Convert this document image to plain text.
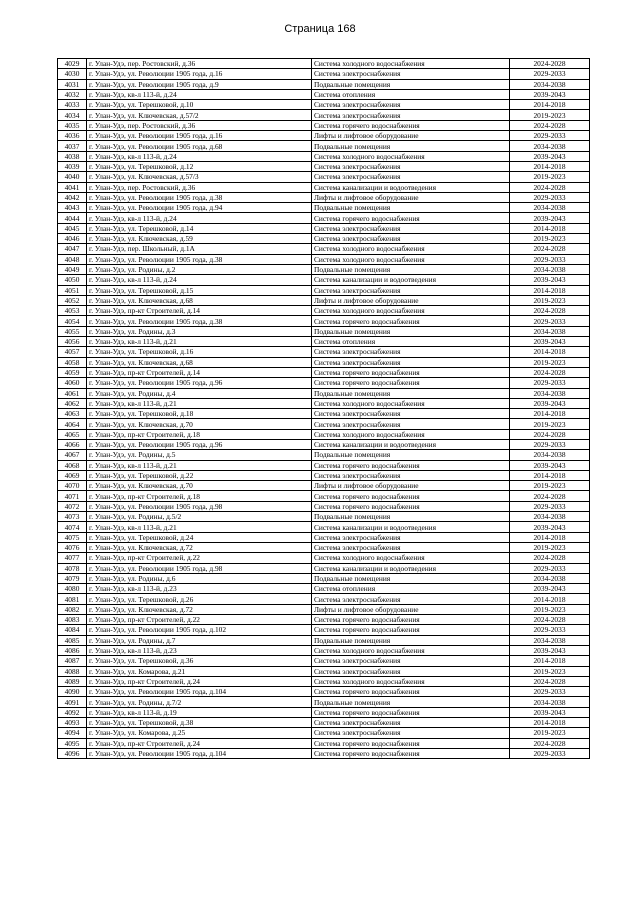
Страница 168
4029	г. Улан-Удэ, пер. Ростовский, д.36	Система холодного водоснабжения	2024-2028
4030	г. Улан-Удэ, ул. Революции 1905 года, д.16	Система электроснабжения	2029-2033
4031	г. Улан-Удэ, ул. Революции 1905 года, д.9	Подвальные помещения	2034-2038
4032	г. Улан-Удэ, кв-л 113-й, д.24	Система отопления	2039-2043
4033	г. Улан-Удэ, ул. Терешковой, д.10	Система электроснабжения	2014-2018
4034	г. Улан-Удэ, ул. Ключевская, д.57/2	Система электроснабжения	2019-2023
4035	г. Улан-Удэ, пер. Ростовский, д.36	Система горячего водоснабжения	2024-2028
4036	г. Улан-Удэ, ул. Революции 1905 года, д.16	Лифты и лифтовое оборудование	2029-2033
4037	г. Улан-Удэ, ул. Революции 1905 года, д.68	Подвальные помещения	2034-2038
4038	г. Улан-Удэ, кв-л 113-й, д.24	Система холодного водоснабжения	2039-2043
4039	г. Улан-Удэ, ул. Терешковой, д.12	Система электроснабжения	2014-2018
4040	г. Улан-Удэ, ул. Ключевская, д.57/3	Система электроснабжения	2019-2023
4041	г. Улан-Удэ, пер. Ростовский, д.36	Система канализации и водоотведения	2024-2028
4042	г. Улан-Удэ, ул. Революции 1905 года, д.38	Лифты и лифтовое оборудование	2029-2033
4043	г. Улан-Удэ, ул. Революции 1905 года, д.94	Подвальные помещения	2034-2038
4044	г. Улан-Удэ, кв-л 113-й, д.24	Система горячего водоснабжения	2039-2043
4045	г. Улан-Удэ, ул. Терешковой, д.14	Система электроснабжения	2014-2018
4046	г. Улан-Удэ, ул. Ключевская, д.59	Система электроснабжения	2019-2023
4047	г. Улан-Удэ, пер. Школьный, д.1А	Система холодного водоснабжения	2024-2028
4048	г. Улан-Удэ, ул. Революции 1905 года, д.38	Система холодного водоснабжения	2029-2033
4049	г. Улан-Удэ, ул. Родины, д.2	Подвальные помещения	2034-2038
4050	г. Улан-Удэ, кв-л 113-й, д.24	Система канализации и водоотведения	2039-2043
4051	г. Улан-Удэ, ул. Терешковой, д.15	Система электроснабжения	2014-2018
4052	г. Улан-Удэ, ул. Ключевская, д.68	Лифты и лифтовое оборудование	2019-2023
4053	г. Улан-Удэ, пр-кт Строителей, д.14	Система холодного водоснабжения	2024-2028
4054	г. Улан-Удэ, ул. Революции 1905 года, д.38	Система горячего водоснабжения	2029-2033
4055	г. Улан-Удэ, ул. Родины, д.3	Подвальные помещения	2034-2038
4056	г. Улан-Удэ, кв-л 113-й, д.21	Система отопления	2039-2043
4057	г. Улан-Удэ, ул. Терешковой, д.16	Система электроснабжения	2014-2018
4058	г. Улан-Удэ, ул. Ключевская, д.68	Система электроснабжения	2019-2023
4059	г. Улан-Удэ, пр-кт Строителей, д.14	Система горячего водоснабжения	2024-2028
4060	г. Улан-Удэ, ул. Революции 1905 года, д.96	Система горячего водоснабжения	2029-2033
4061	г. Улан-Удэ, ул. Родины, д.4	Подвальные помещения	2034-2038
4062	г. Улан-Удэ, кв-л 113-й, д.21	Система холодного водоснабжения	2039-2043
4063	г. Улан-Удэ, ул. Терешковой, д.18	Система электроснабжения	2014-2018
4064	г. Улан-Удэ, ул. Ключевская, д.70	Система электроснабжения	2019-2023
4065	г. Улан-Удэ, пр-кт Строителей, д.18	Система холодного водоснабжения	2024-2028
4066	г. Улан-Удэ, ул. Революции 1905 года, д.96	Система канализации и водоотведения	2029-2033
4067	г. Улан-Удэ, ул. Родины, д.5	Подвальные помещения	2034-2038
4068	г. Улан-Удэ, кв-л 113-й, д.21	Система горячего водоснабжения	2039-2043
4069	г. Улан-Удэ, ул. Терешковой, д.22	Система электроснабжения	2014-2018
4070	г. Улан-Удэ, ул. Ключевская, д.70	Лифты и лифтовое оборудование	2019-2023
4071	г. Улан-Удэ, пр-кт Строителей, д.18	Система горячего водоснабжения	2024-2028
4072	г. Улан-Удэ, ул. Революции 1905 года, д.98	Система горячего водоснабжения	2029-2033
4073	г. Улан-Удэ, ул. Родины, д.5/2	Подвальные помещения	2034-2038
4074	г. Улан-Удэ, кв-л 113-й, д.21	Система канализации и водоотведения	2039-2043
4075	г. Улан-Удэ, ул. Терешковой, д.24	Система электроснабжения	2014-2018
4076	г. Улан-Удэ, ул. Ключевская, д.72	Система электроснабжения	2019-2023
4077	г. Улан-Удэ, пр-кт Строителей, д.22	Система холодного водоснабжения	2024-2028
4078	г. Улан-Удэ, ул. Революции 1905 года, д.98	Система канализации и водоотведения	2029-2033
4079	г. Улан-Удэ, ул. Родины, д.6	Подвальные помещения	2034-2038
4080	г. Улан-Удэ, кв-л 113-й, д.23	Система отопления	2039-2043
4081	г. Улан-Удэ, ул. Терешковой, д.26	Система электроснабжения	2014-2018
4082	г. Улан-Удэ, ул. Ключевская, д.72	Лифты и лифтовое оборудование	2019-2023
4083	г. Улан-Удэ, пр-кт Строителей, д.22	Система горячего водоснабжения	2024-2028
4084	г. Улан-Удэ, ул. Революции 1905 года, д.102	Система горячего водоснабжения	2029-2033
4085	г. Улан-Удэ, ул. Родины, д.7	Подвальные помещения	2034-2038
4086	г. Улан-Удэ, кв-л 113-й, д.23	Система холодного водоснабжения	2039-2043
4087	г. Улан-Удэ, ул. Терешковой, д.36	Система электроснабжения	2014-2018
4088	г. Улан-Удэ, ул. Комарова, д.21	Система электроснабжения	2019-2023
4089	г. Улан-Удэ, пр-кт Строителей, д.24	Система холодного водоснабжения	2024-2028
4090	г. Улан-Удэ, ул. Революции 1905 года, д.104	Система горячего водоснабжения	2029-2033
4091	г. Улан-Удэ, ул. Родины, д.7/2	Подвальные помещения	2034-2038
4092	г. Улан-Удэ, кв-л 113-й, д.19	Система горячего водоснабжения	2039-2043
4093	г. Улан-Удэ, ул. Терешковой, д.38	Система электроснабжения	2014-2018
4094	г. Улан-Удэ, ул. Комарова, д.25	Система электроснабжения	2019-2023
4095	г. Улан-Удэ, пр-кт Строителей, д.24	Система горячего водоснабжения	2024-2028
4096	г. Улан-Удэ, ул. Революции 1905 года, д.104	Система горячего водоснабжения	2029-2033
